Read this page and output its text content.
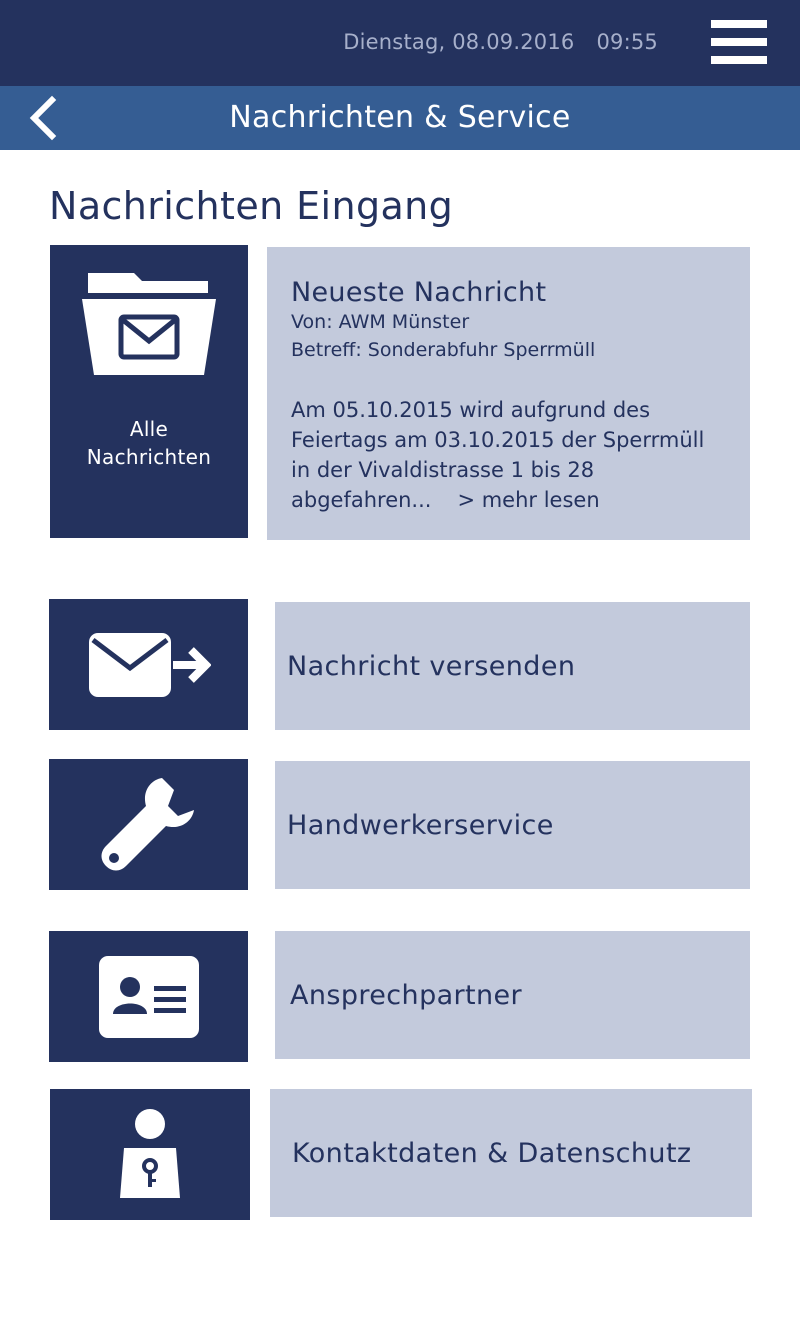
Dienstag, 08.09.2016 09:55
Nachrichten & Service
Nachrichten Eingang
Alle
Nachrichten
Neueste Nachricht
Von: AWM Münster
Betreff: Sonderabfuhr Sperrmüll
Am 05.10.2015 wird aufgrund des
Feiertags am 03.10.2015 der Sperrmüll
in der Vivaldistrasse 1 bis 28
abgefahren... > mehr lesen
Nachricht versenden
Handwerkerservice
Ansprechpartner
Kontaktdaten & Datenschutz
